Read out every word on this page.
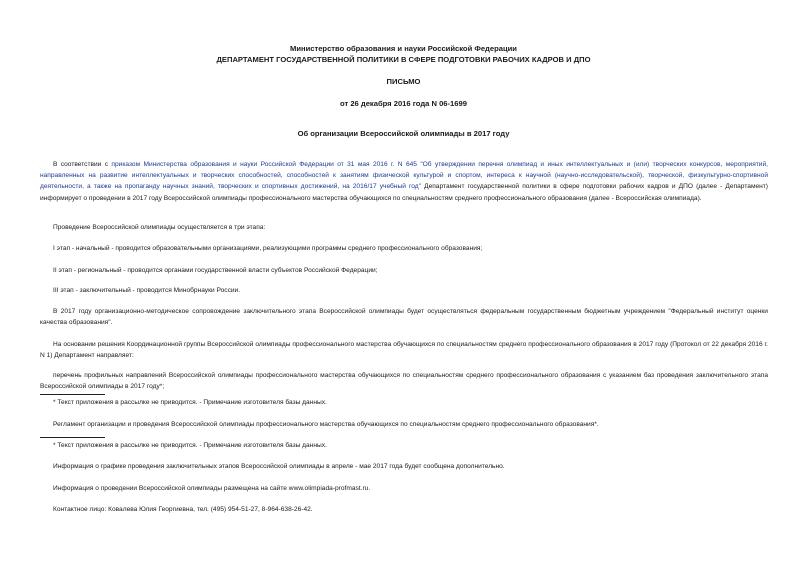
Министерство образования и науки Российской Федерации
ДЕПАРТАМЕНТ ГОСУДАРСТВЕННОЙ ПОЛИТИКИ В СФЕРЕ ПОДГОТОВКИ РАБОЧИХ КАДРОВ И ДПО
ПИСЬМО
от 26 декабря 2016 года N 06-1699
Об организации Всероссийской олимпиады в 2017 году
В соответствии с приказом Министерства образования и науки Российской Федерации от 31 мая 2016 г. N 645 "Об утверждении перечня олимпиад и иных интеллектуальных и (или) творческих конкурсов, мероприятий, направленных на развитие интеллектуальных и творческих способностей, способностей к занятиям физической культурой и спортом, интереса к научной (научно-исследовательской), творческой, физкультурно-спортивной деятельности, а также на пропаганду научных знаний, творческих и спортивных достижений, на 2016/17 учебный год" Департамент государственной политики в сфере подготовки рабочих кадров и ДПО (далее - Департамент) информирует о проведении в 2017 году Всероссийской олимпиады профессионального мастерства обучающихся по специальностям среднего профессионального образования (далее - Всероссийская олимпиада).
Проведение Всероссийской олимпиады осуществляется в три этапа:
I этап - начальный - проводится образовательными организациями, реализующими программы среднего профессионального образования;
II этап - региональный - проводится органами государственной власти субъектов Российской Федерации;
III этап - заключительный - проводится Минобрнауки России.
В 2017 году организационно-методическое сопровождение заключительного этапа Всероссийской олимпиады будет осуществляться федеральным государственным бюджетным учреждением "Федеральный институт оценки качества образования".
На основании решения Координационной группы Всероссийской олимпиады профессионального мастерства обучающихся по специальностям среднего профессионального образования в 2017 году (Протокол от 22 декабря 2016 г. N 1) Департамент направляет:
перечень профильных направлений Всероссийской олимпиады профессионального мастерства обучающихся по специальностям среднего профессионального образования с указанием баз проведения заключительного этапа Всероссийской олимпиады в 2017 году*;
* Текст приложения в рассылке не приводится. - Примечание изготовителя базы данных.
Регламент организации и проведения Всероссийской олимпиады профессионального мастерства обучающихся по специальностям среднего профессионального образования*.
* Текст приложения в рассылке не приводится. - Примечание изготовителя базы данных.
Информация о графике проведения заключительных этапов Всероссийской олимпиады в апреле - мае 2017 года будет сообщена дополнительно.
Информация о проведении Всероссийской олимпиады размещена на сайте www.olimpiada-profmast.ru.
Контактное лицо: Ковалева Юлия Георгиевна, тел. (495) 954-51-27, 8-964-638-26-42.
